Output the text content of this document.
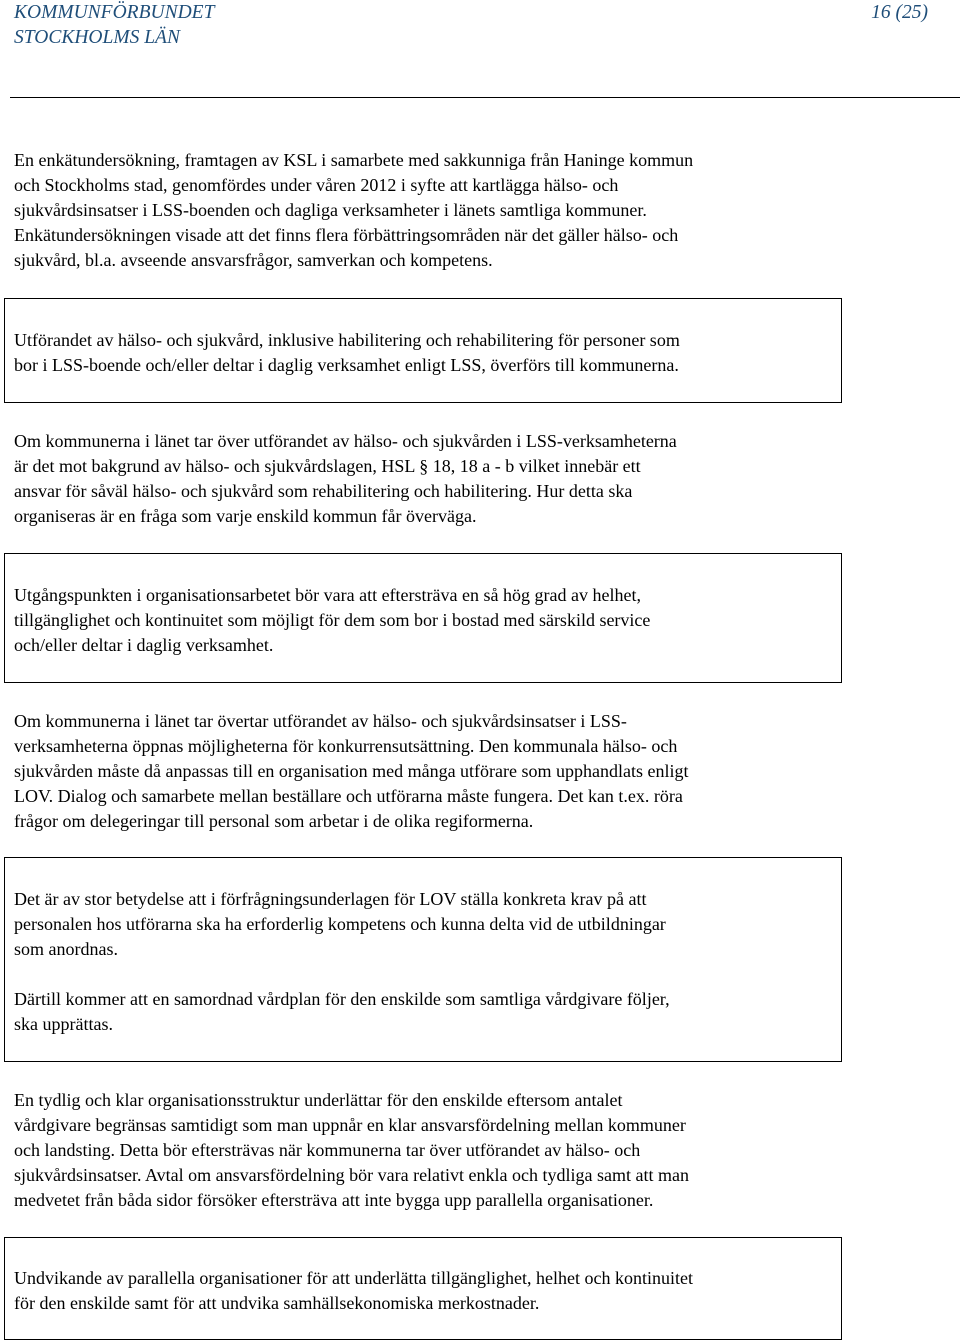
KOMMUNFÖRBUNDET
STOCKHOLMS LÄN
16 (25)

En enkätundersökning, framtagen av KSL i samarbete med sakkunniga från Haninge kommun

och Stockholms stad, genomfördes under våren 2012 i syfte att kartlägga hälso- och

sjukvårdsinsatser i LSS-boenden och dagliga verksamheter i länets samtliga kommuner.

Enkätundersökningen visade att det finns flera förbättringsområden när det gäller hälso- och

sjukvård, bl.a. avseende ansvarsfrågor, samverkan och kompetens.

Utförandet av hälso- och sjukvård, inklusive habilitering och rehabilitering för personer som

bor i LSS-boende och/eller deltar i daglig verksamhet enligt LSS, överförs till kommunerna.

Om kommunerna i länet tar över utförandet av hälso- och sjukvården i LSS-verksamheterna

är det mot bakgrund av hälso- och sjukvårdslagen, HSL § 18, 18 a - b vilket innebär ett

ansvar för såväl hälso- och sjukvård som rehabilitering och habilitering. Hur detta ska

organiseras är en fråga som varje enskild kommun får överväga.

Utgångspunkten i organisationsarbetet bör vara att eftersträva en så hög grad av helhet,

tillgänglighet och kontinuitet som möjligt för dem som bor i bostad med särskild service

och/eller deltar i daglig verksamhet.

Om kommunerna i länet tar övertar utförandet av hälso- och sjukvårdsinsatser i LSS-

verksamheterna öppnas möjligheterna för konkurrensutsättning. Den kommunala hälso- och

sjukvården måste då anpassas till en organisation med många utförare som upphandlats enligt

LOV. Dialog och samarbete mellan beställare och utförarna måste fungera. Det kan t.ex. röra

frågor om delegeringar till personal som arbetar i de olika regiformerna.

Det är av stor betydelse att i förfrågningsunderlagen för LOV ställa konkreta krav på att

personalen hos utförarna ska ha erforderlig kompetens och kunna delta vid de utbildningar

som anordnas.

Därtill kommer att en samordnad vårdplan för den enskilde som samtliga vårdgivare följer,

ska upprättas.

En tydlig och klar organisationsstruktur underlättar för den enskilde eftersom antalet

vårdgivare begränsas samtidigt som man uppnår en klar ansvarsfördelning mellan kommuner

och landsting. Detta bör eftersträvas när kommunerna tar över utförandet av hälso- och

sjukvårdsinsatser. Avtal om ansvarsfördelning bör vara relativt enkla och tydliga samt att man

medvetet från båda sidor försöker eftersträva att inte bygga upp parallella organisationer.

Undvikande av parallella organisationer för att underlätta tillgänglighet, helhet och kontinuitet

för den enskilde samt för att undvika samhällsekonomiska merkostnader.
